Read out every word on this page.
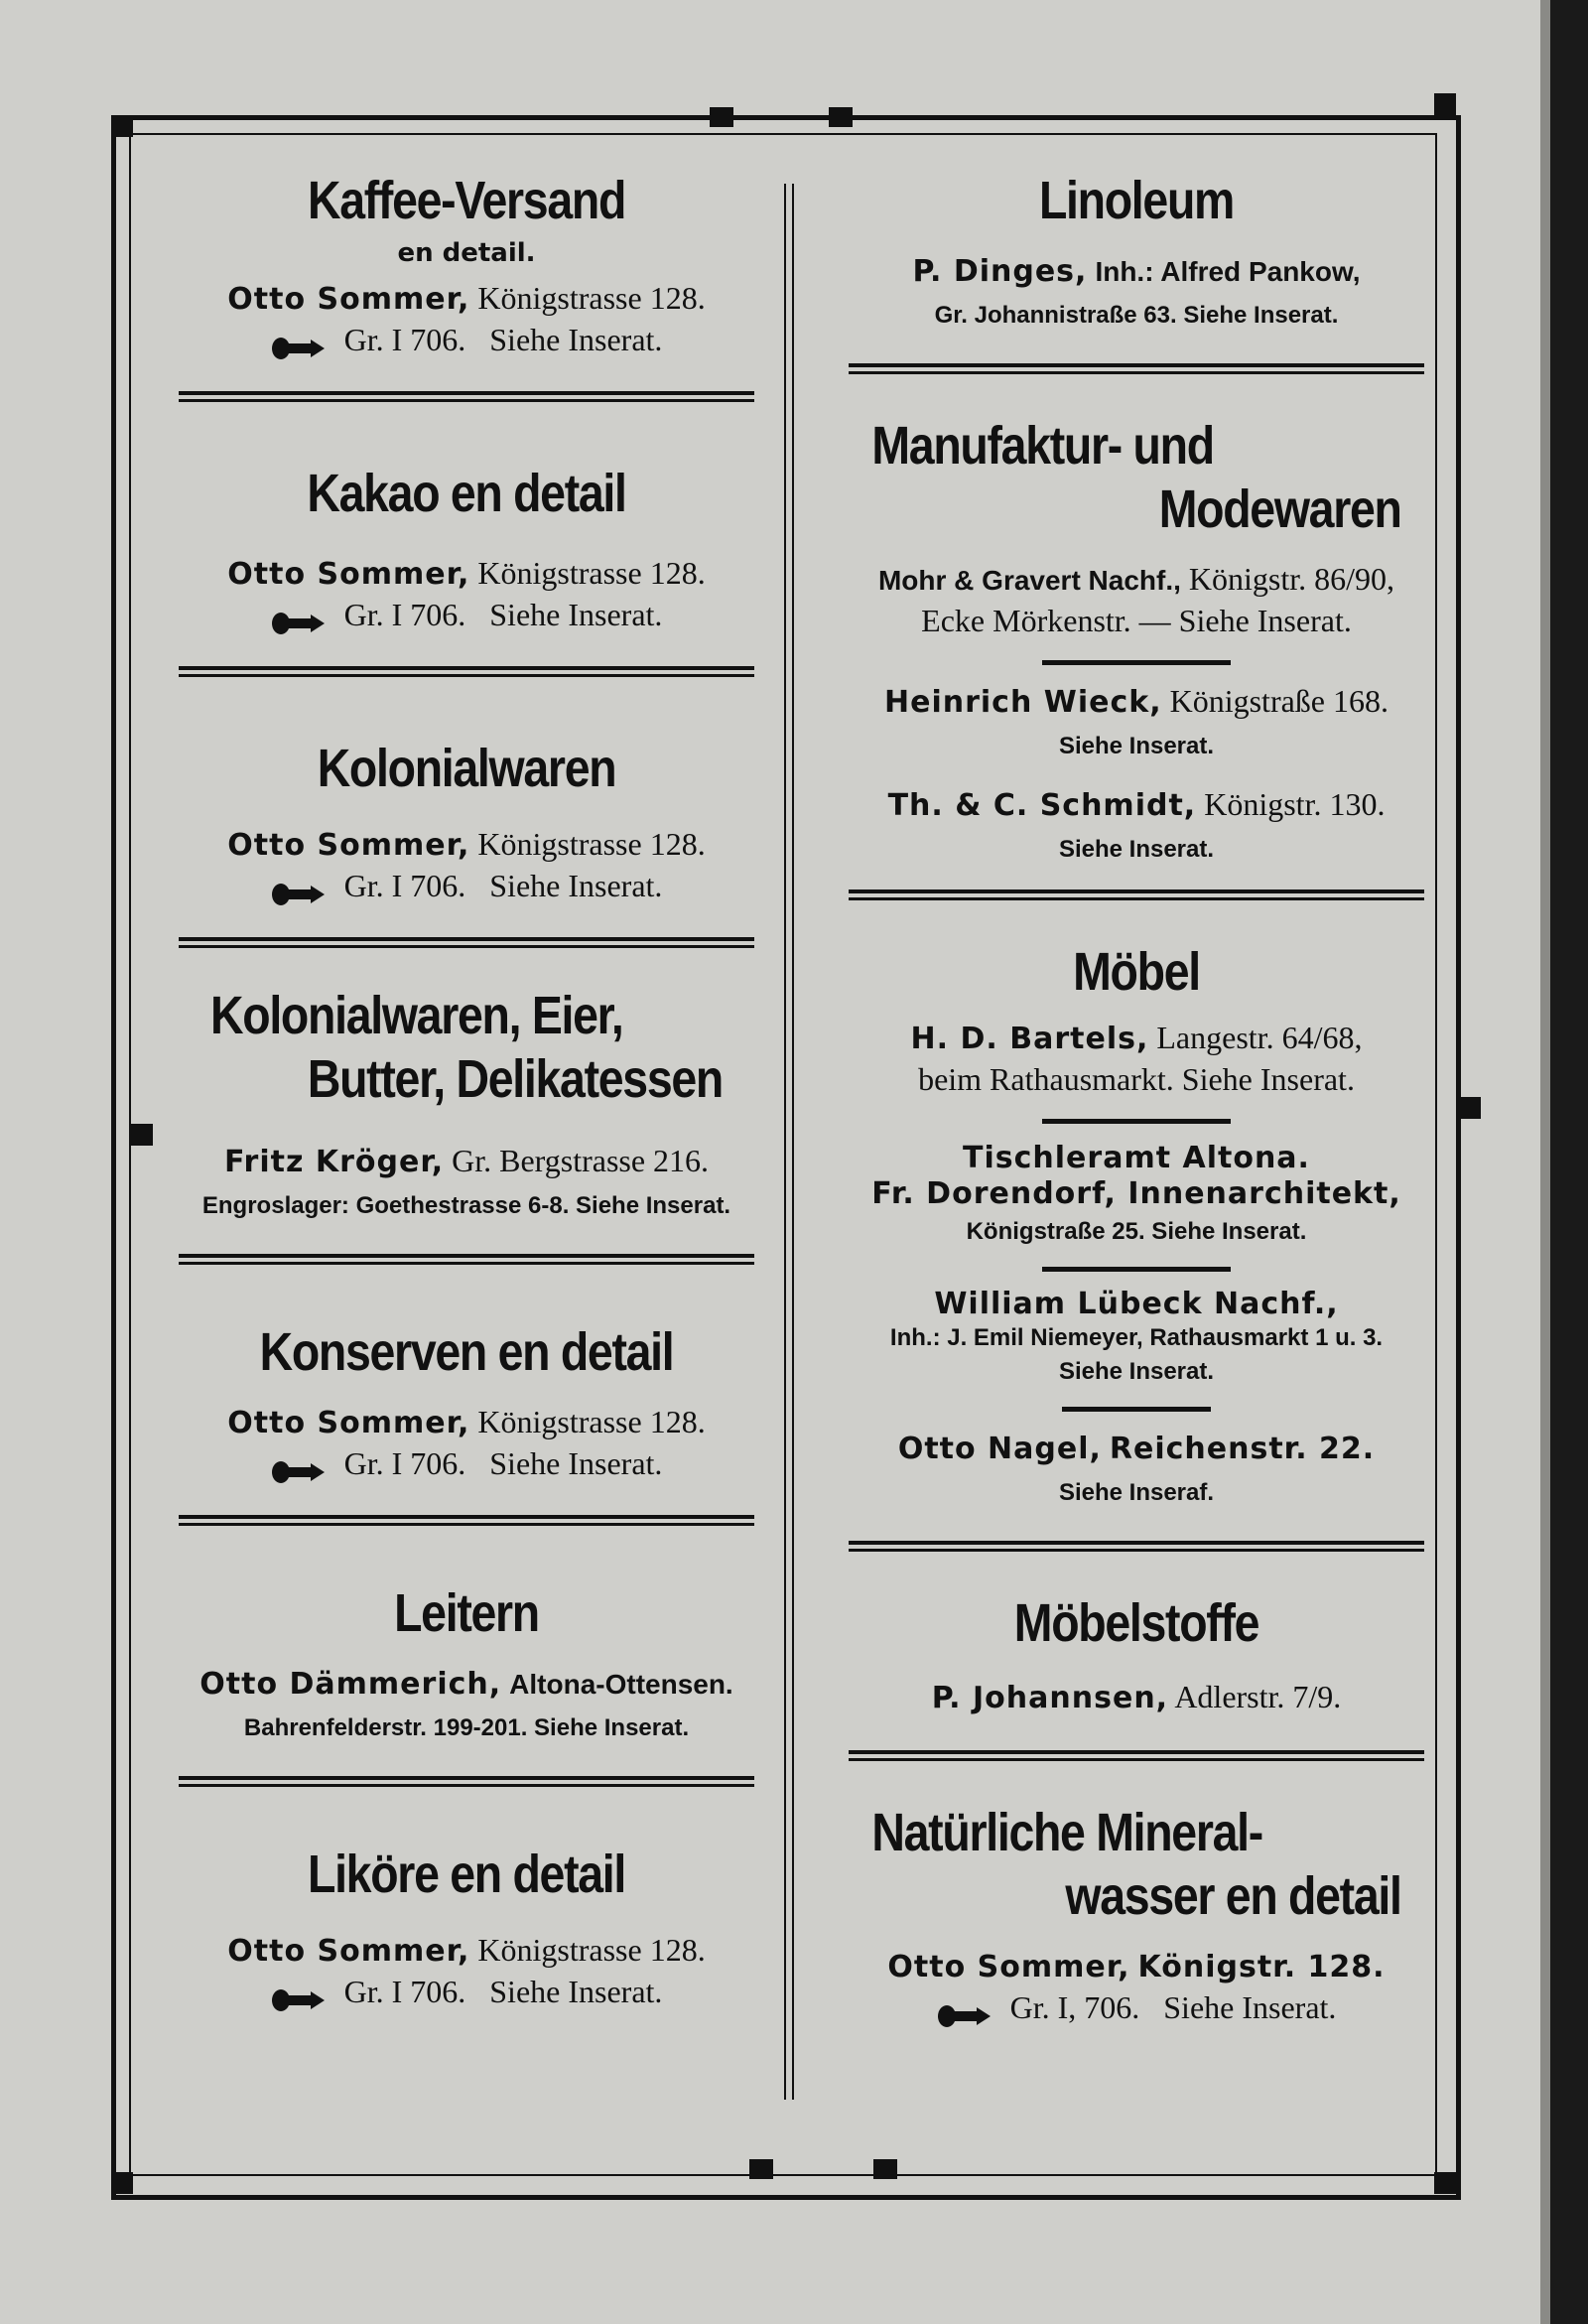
Kaffee-Versand
en detail.
Otto Sommer, Königstrasse 128.
Gr. I 706. Siehe Inserat.
Kakao en detail
Otto Sommer, Königstrasse 128.
Gr. I 706. Siehe Inserat.
Kolonialwaren
Otto Sommer, Königstrasse 128.
Gr. I 706. Siehe Inserat.
Kolonialwaren, Eier,
Butter, Delikatessen
Fritz Kröger, Gr. Bergstrasse 216.
Engroslager: Goethestrasse 6-8. Siehe Inserat.
Konserven en detail
Otto Sommer, Königstrasse 128.
Gr. I 706. Siehe Inserat.
Leitern
Otto Dämmerich, Altona-Ottensen.
Bahrenfelderstr. 199-201. Siehe Inserat.
Liköre en detail
Otto Sommer, Königstrasse 128.
Gr. I 706. Siehe Inserat.
Linoleum
P. Dinges, Inh.: Alfred Pankow,
Gr. Johannistraße 63. Siehe Inserat.
Manufaktur- und
Modewaren
Mohr & Gravert Nachf., Königstr. 86/90,
Ecke Mörkenstr. — Siehe Inserat.
Heinrich Wieck, Königstraße 168.
Siehe Inserat.
Th. & C. Schmidt, Königstr. 130.
Siehe Inserat.
Möbel
H. D. Bartels, Langestr. 64/68,
beim Rathausmarkt. Siehe Inserat.
Tischleramt Altona.
Fr. Dorendorf, Innenarchitekt,
Königstraße 25. Siehe Inserat.
William Lübeck Nachf.,
Inh.: J. Emil Niemeyer, Rathausmarkt 1 u. 3.
Siehe Inserat.
Otto Nagel, Reichenstr. 22.
Siehe Inseraf.
Möbelstoffe
P. Johannsen, Adlerstr. 7/9.
Natürliche Mineral-
wasser en detail
Otto Sommer, Königstr. 128.
Gr. I, 706. Siehe Inserat.
